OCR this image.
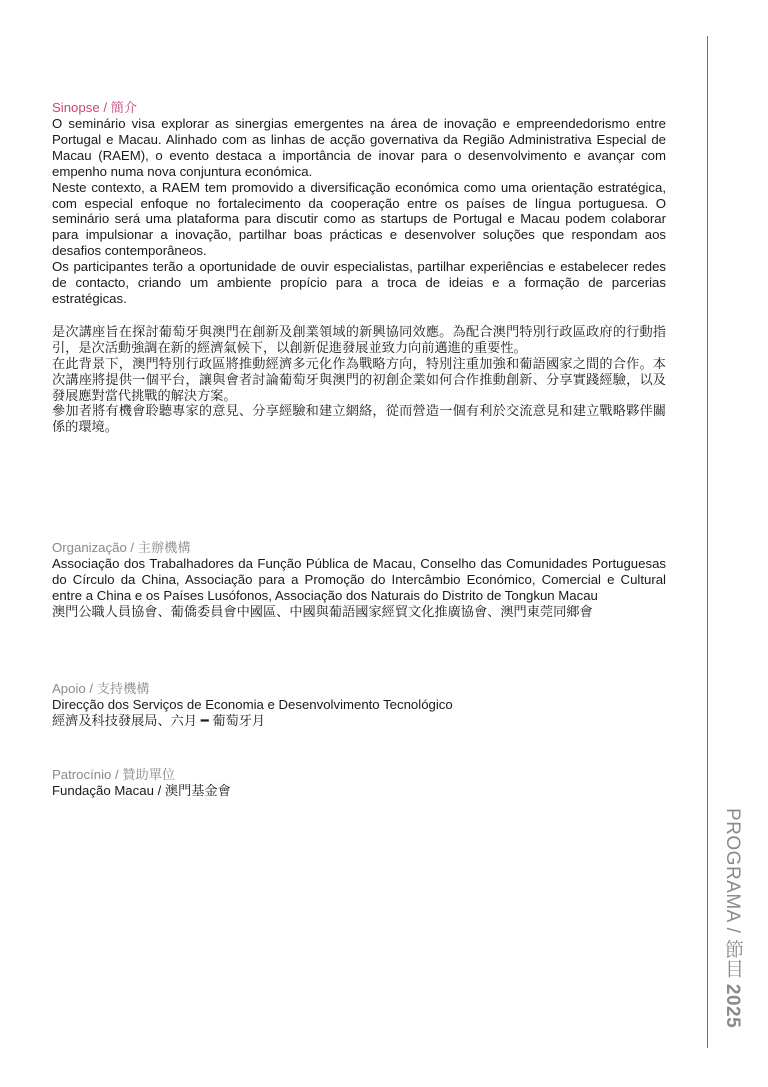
Sinopse / 簡介

O seminário visa explorar as sinergias emergentes na área de inovação e empreendedorismo entre Portugal e Macau. Alinhado com as linhas de acção governativa da Região Administrativa Especial de Macau (RAEM), o evento destaca a importância de inovar para o desenvolvimento e avançar com empenho numa nova conjuntura económica.

Neste contexto, a RAEM tem promovido a diversificação económica como uma orientação estratégica, com especial enfoque no fortalecimento da cooperação entre os países de língua portuguesa. O seminário será uma plataforma para discutir como as startups de Portugal e Macau podem colaborar para impulsionar a inovação, partilhar boas prácticas e desenvolver soluções que respondam aos desafios contemporâneos.

Os participantes terão a oportunidade de ouvir especialistas, partilhar experiências e estabelecer redes de contacto, criando um ambiente propício para a troca de ideias e a formação de parcerias estratégicas.

是次講座旨在探討葡萄牙與澳門在創新及創業領域的新興協同效應。為配合澳門特別行政區政府的行動指引，是次活動強調在新的經濟氣候下，以創新促進發展並致力向前邁進的重要性。

在此背景下，澳門特別行政區將推動經濟多元化作為戰略方向，特別注重加強和葡語國家之間的合作。本次講座將提供一個平台，讓與會者討論葡萄牙與澳門的初創企業如何合作推動創新、分享實踐經驗，以及發展應對當代挑戰的解決方案。

參加者將有機會聆聽專家的意見、分享經驗和建立網絡，從而營造一個有利於交流意見和建立戰略夥伴關係的環境。

Organização / 主辦機構

Associação dos Trabalhadores da Função Pública de Macau, Conselho das Comunidades Portuguesas do Círculo da China, Associação para a Promoção do Intercâmbio Económico, Comercial e Cultural entre a China e os Países Lusófonos, Associação dos Naturais do Distrito de Tongkun Macau

澳門公職人員協會、葡僑委員會中國區、中國與葡語國家經貿文化推廣協會、澳門東莞同鄉會

Apoio / 支持機構

Direcção dos Serviços de Economia e Desenvolvimento Tecnológico

經濟及科技發展局、六月 ━ 葡萄牙月

Patrocínio / 贊助單位

Fundação Macau / 澳門基金會

PROGRAMA / 節目 2025
